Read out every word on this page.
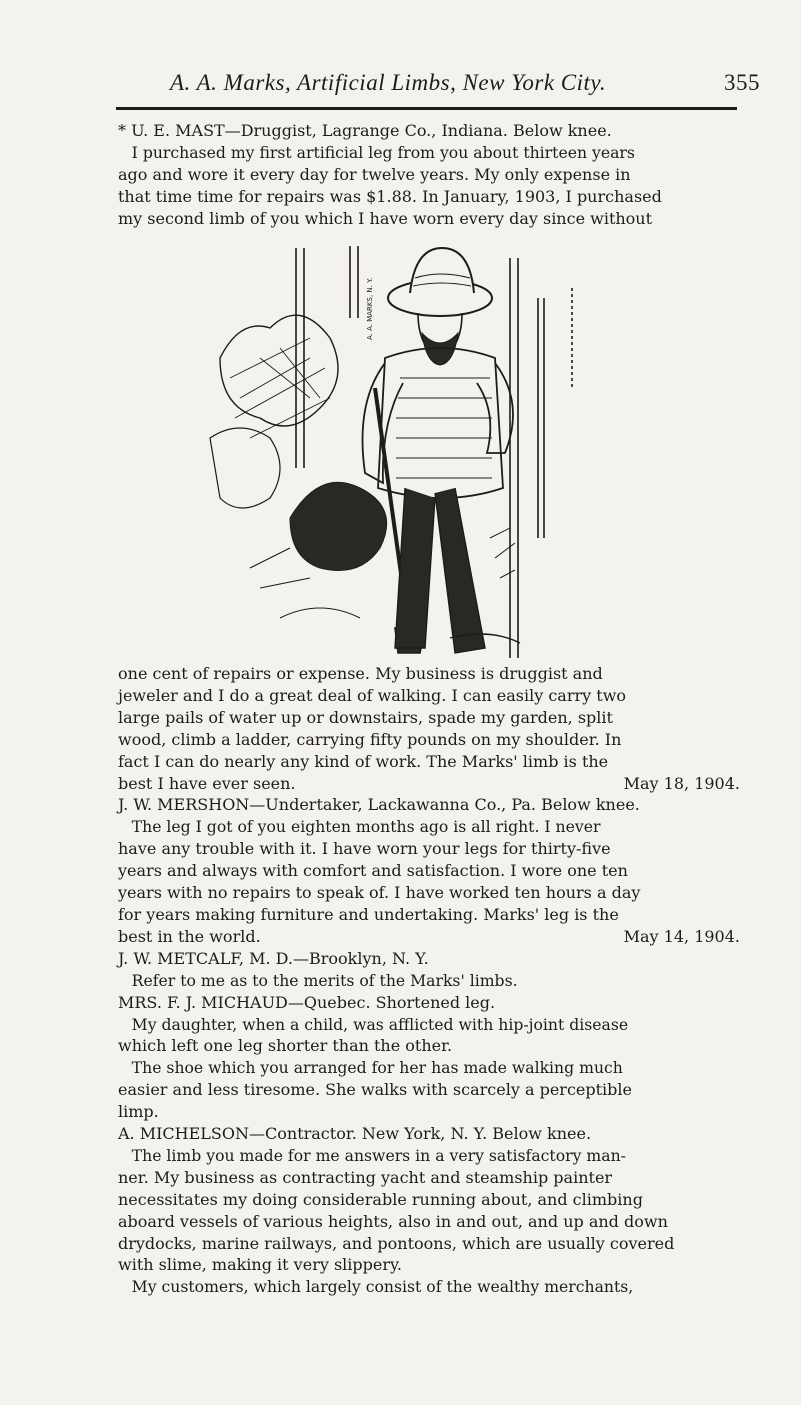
A. A. Marks, Artificial Limbs, New York City.	355
* U. E. MAST—Druggist, Lagrange Co., Indiana. Below knee.
I purchased my first artificial leg from you about thirteen years
ago and wore it every day for twelve years. My only expense in
that time time for repairs was $1.88. In January, 1903, I purchased
my second limb of you which I have worn every day since without
A. A. MARKS, N. Y.
one cent of repairs or expense. My business is druggist and
jeweler and I do a great deal of walking. I can easily carry two
large pails of water up or downstairs, spade my garden, split
wood, climb a ladder, carrying fifty pounds on my shoulder. In
fact I can do nearly any kind of work. The Marks' limb is the
best I have ever seen.	May 18, 1904.
J. W. MERSHON—Undertaker, Lackawanna Co., Pa. Below knee.
The leg I got of you eighten months ago is all right. I never
have any trouble with it. I have worn your legs for thirty-five
years and always with comfort and satisfaction. I wore one ten
years with no repairs to speak of. I have worked ten hours a day
for years making furniture and undertaking. Marks' leg is the
best in the world.	May 14, 1904.
J. W. METCALF, M. D.—Brooklyn, N. Y.
Refer to me as to the merits of the Marks' limbs.
MRS. F. J. MICHAUD—Quebec. Shortened leg.
My daughter, when a child, was afflicted with hip-joint disease
which left one leg shorter than the other.
The shoe which you arranged for her has made walking much
easier and less tiresome. She walks with scarcely a perceptible
limp.
A. MICHELSON—Contractor. New York, N. Y. Below knee.
The limb you made for me answers in a very satisfactory man-
ner. My business as contracting yacht and steamship painter
necessitates my doing considerable running about, and climbing
aboard vessels of various heights, also in and out, and up and down
drydocks, marine railways, and pontoons, which are usually covered
with slime, making it very slippery.
My customers, which largely consist of the wealthy merchants,
